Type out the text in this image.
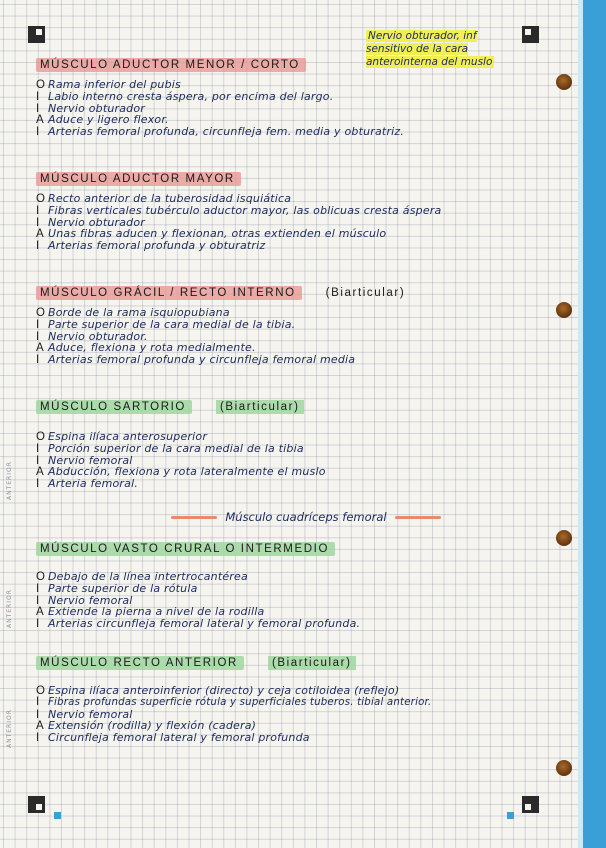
Nervio obturador, inf sensitivo de la cara anterointerna del muslo
ANTERIOR
ANTERIOR
ANTERIOR
MÚSCULO ADUCTOR MENOR / CORTO
O Rama inferior del pubis
I Labio interno cresta áspera, por encima del largo.
I Nervio obturador
A Aduce y ligero flexor.
I Arterias femoral profunda, circunfleja fem. media y obturatriz.
MÚSCULO ADUCTOR MAYOR
O Recto anterior de la tuberosidad isquiática
I Fibras verticales tubérculo aductor mayor, las oblicuas cresta áspera
I Nervio obturador
A Unas fibras aducen y flexionan, otras extienden el músculo
I Arterias femoral profunda y obturatriz
MÚSCULO GRÁCIL / RECTO INTERNO	(Biarticular)
O Borde de la rama isquiopubiana
I Parte superior de la cara medial de la tibia.
I Nervio obturador.
A Aduce, flexiona y rota medialmente.
I Arterias femoral profunda y circunfleja femoral media
MÚSCULO SARTORIO	(Biarticular)
O Espina ilíaca anterosuperior
I Porción superior de la cara medial de la tibia
I Nervio femoral
A Abducción, flexiona y rota lateralmente el muslo
I Arteria femoral.
Músculo cuadríceps femoral
MÚSCULO VASTO CRURAL O INTERMEDIO
O Debajo de la línea intertrocantérea
I Parte superior de la rótula
I Nervio femoral
A Extiende la pierna a nivel de la rodilla
I Arterias circunfleja femoral lateral y femoral profunda.
MÚSCULO RECTO ANTERIOR	(Biarticular)
O Espina ilíaca anteroinferior (directo) y ceja cotiloidea (reflejo)
I Fibras profundas superficie rótula y superficiales tuberos. tibial anterior.
I Nervio femoral
A Extensión (rodilla) y flexión (cadera)
I Circunfleja femoral lateral y femoral profunda
